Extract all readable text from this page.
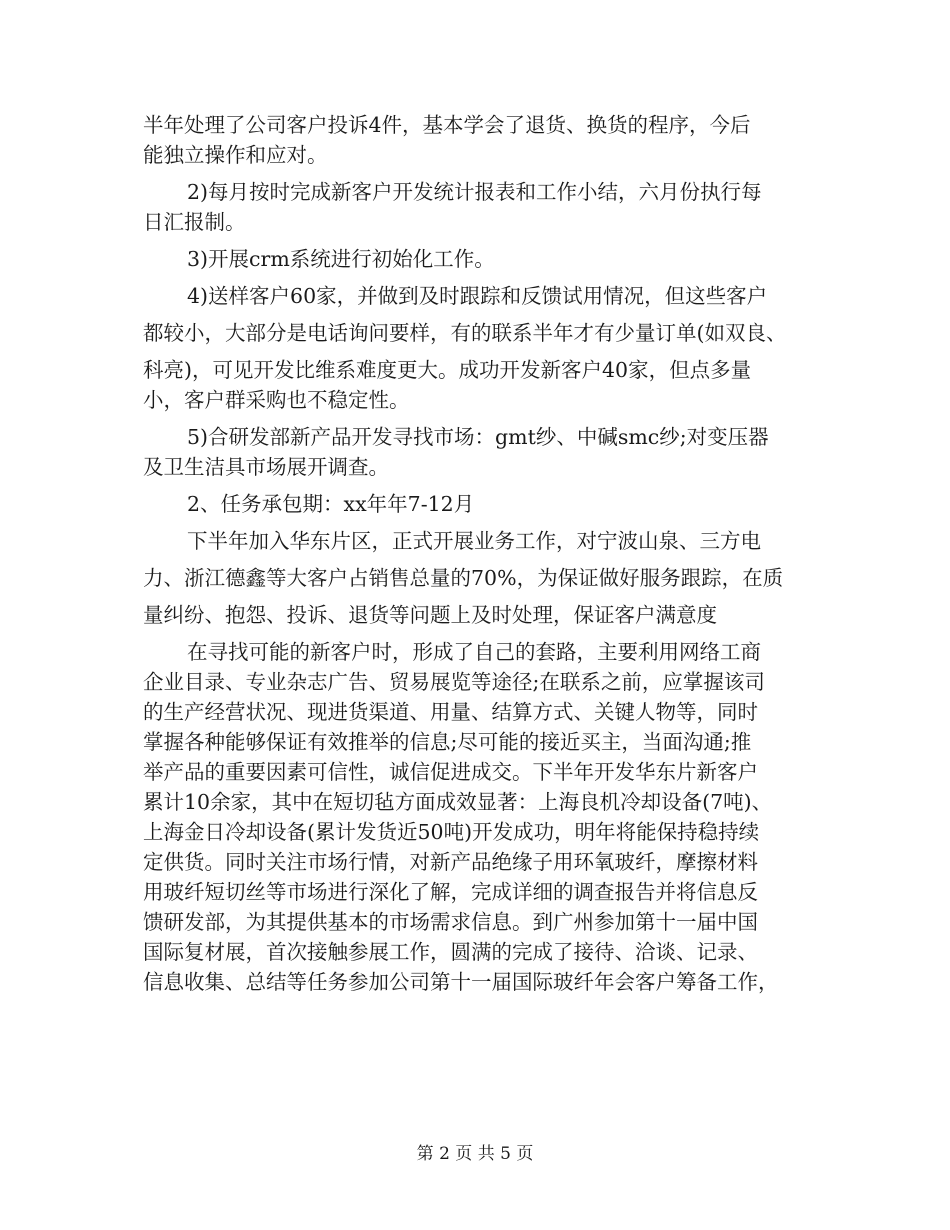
半年处理了公司客户投诉4件，基本学会了退货、换货的程序，今后

能独立操作和应对。

2)每月按时完成新客户开发统计报表和工作小结，六月份执行每

日汇报制。

3)开展crm系统进行初始化工作。

4)送样客户60家，并做到及时跟踪和反馈试用情况，但这些客户

都较小，大部分是电话询问要样，有的联系半年才有少量订单(如双良、

科亮)，可见开发比维系难度更大。成功开发新客户40家，但点多量

小，客户群采购也不稳定性。

5)合研发部新产品开发寻找市场：gmt纱、中碱smc纱;对变压器

及卫生洁具市场展开调查。

2、任务承包期：xx年年7-12月

下半年加入华东片区，正式开展业务工作，对宁波山泉、三方电

力、浙江德鑫等大客户占销售总量的70%，为保证做好服务跟踪，在质

量纠纷、抱怨、投诉、退货等问题上及时处理，保证客户满意度

在寻找可能的新客户时，形成了自己的套路，主要利用网络工商

企业目录、专业杂志广告、贸易展览等途径;在联系之前，应掌握该司

的生产经营状况、现进货渠道、用量、结算方式、关键人物等，同时

掌握各种能够保证有效推举的信息;尽可能的接近买主，当面沟通;推

举产品的重要因素可信性，诚信促进成交。下半年开发华东片新客户

累计10余家，其中在短切毡方面成效显著：上海良机冷却设备(7吨)、

上海金日冷却设备(累计发货近50吨)开发成功，明年将能保持稳持续

定供货。同时关注市场行情，对新产品绝缘子用环氧玻纤，摩擦材料

用玻纤短切丝等市场进行深化了解，完成详细的调查报告并将信息反

馈研发部，为其提供基本的市场需求信息。到广州参加第十一届中国

国际复材展，首次接触参展工作，圆满的完成了接待、洽谈、记录、

信息收集、总结等任务参加公司第十一届国际玻纤年会客户筹备工作，

第 2 页 共 5 页
